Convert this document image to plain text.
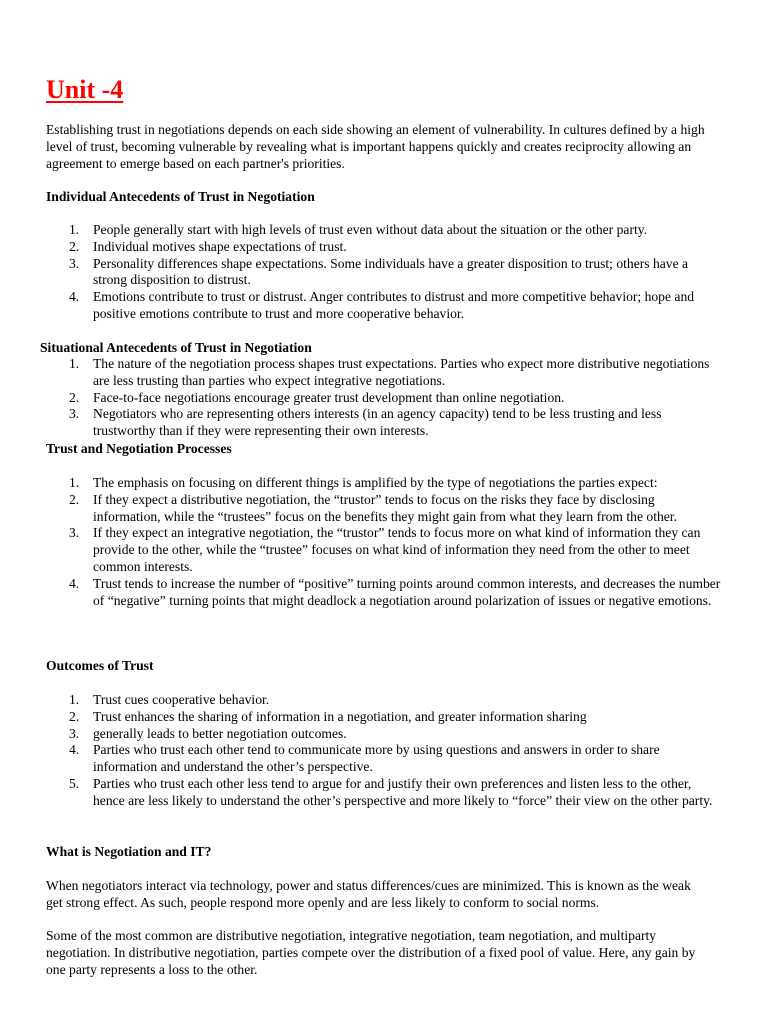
Unit -4

Establishing trust in negotiations depends on each side showing an element of vulnerability. In cultures defined by a high level of trust, becoming vulnerable by revealing what is important happens quickly and creates reciprocity allowing an agreement to emerge based on each partner's priorities.

Individual Antecedents of Trust in Negotiation
1. People generally start with high levels of trust even without data about the situation or the other party.
2. Individual motives shape expectations of trust.
3. Personality differences shape expectations. Some individuals have a greater disposition to trust; others have a strong disposition to distrust.
4. Emotions contribute to trust or distrust. Anger contributes to distrust and more competitive behavior; hope and positive emotions contribute to trust and more cooperative behavior.
Situational Antecedents of Trust in Negotiation
1. The nature of the negotiation process shapes trust expectations. Parties who expect more distributive negotiations are less trusting than parties who expect integrative negotiations.
2. Face-to-face negotiations encourage greater trust development than online negotiation.
3. Negotiators who are representing others interests (in an agency capacity) tend to be less trusting and less trustworthy than if they were representing their own interests.
Trust and Negotiation Processes
1. The emphasis on focusing on different things is amplified by the type of negotiations the parties expect:
2. If they expect a distributive negotiation, the “trustor” tends to focus on the risks they face by disclosing information, while the “trustees” focus on the benefits they might gain from what they learn from the other.
3. If they expect an integrative negotiation, the “trustor” tends to focus more on what kind of information they can provide to the other, while the “trustee” focuses on what kind of information they need from the other to meet common interests.
4. Trust tends to increase the number of “positive” turning points around common interests, and decreases the number of “negative” turning points that might deadlock a negotiation around polarization of issues or negative emotions.
Outcomes of Trust
1. Trust cues cooperative behavior.
2. Trust enhances the sharing of information in a negotiation, and greater information sharing
3. generally leads to better negotiation outcomes.
4. Parties who trust each other tend to communicate more by using questions and answers in order to share information and understand the other’s perspective.
5. Parties who trust each other less tend to argue for and justify their own preferences and listen less to the other, hence are less likely to understand the other’s perspective and more likely to “force” their view on the other party.
What is Negotiation and IT?

When negotiators interact via technology, power and status differences/cues are minimized. This is known as the weak get strong effect. As such, people respond more openly and are less likely to conform to social norms.

Some of the most common are distributive negotiation, integrative negotiation, team negotiation, and multiparty negotiation. In distributive negotiation, parties compete over the distribution of a fixed pool of value. Here, any gain by one party represents a loss to the other.
